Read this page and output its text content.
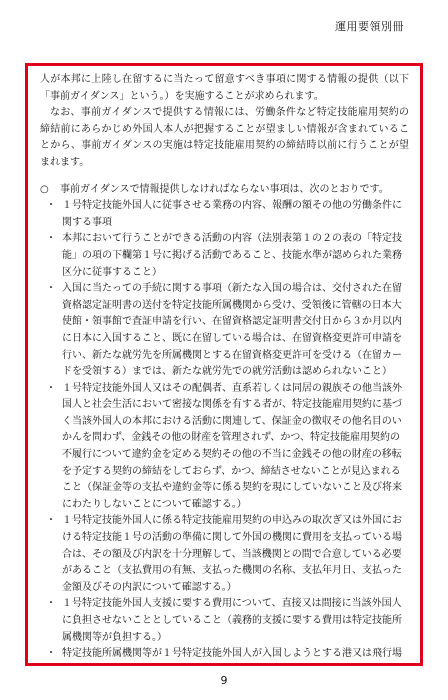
運用要領別冊

人が本邦に上陸し在留するに当たって留意すべき事項に関する情報の提供（以下「事前ガイダンス」という。）を実施することが求められます。

なお、事前ガイダンスで提供する情報には、労働条件など特定技能雇用契約の締結前にあらかじめ外国人本人が把握することが望ましい情報が含まれていることから、事前ガイダンスの実施は特定技能雇用契約の締結時以前に行うことが望まれます。

○	事前ガイダンスで情報提供しなければならない事項は、次のとおりです。
・ １号特定技能外国人に従事させる業務の内容、報酬の額その他の労働条件に関する事項
・ 本邦において行うことができる活動の内容（法別表第１の２の表の「特定技能」の項の下欄第１号に掲げる活動であること、技能水準が認められた業務区分に従事すること）
・ 入国に当たっての手続に関する事項（新たな入国の場合は、交付された在留資格認定証明書の送付を特定技能所属機関から受け、受領後に管轄の日本大使館・領事館で査証申請を行い、在留資格認定証明書交付日から３か月以内に日本に入国すること、既に在留している場合は、在留資格変更許可申請を行い、新たな就労先を所属機関とする在留資格変更許可を受ける（在留カードを受領する）までは、新たな就労先での就労活動は認められないこと）
・ １号特定技能外国人又はその配偶者、直系若しくは同居の親族その他当該外国人と社会生活において密接な関係を有する者が、特定技能雇用契約に基づく当該外国人の本邦における活動に関連して、保証金の徴収その他名目のいかんを問わず、金銭その他の財産を管理されず、かつ、特定技能雇用契約の不履行について違約金を定める契約その他の不当に金銭その他の財産の移転を予定する契約の締結をしておらず、かつ、締結させないことが見込まれること（保証金等の支払や違約金等に係る契約を現にしていないこと及び将来にわたりしないことについて確認する。）
・ １号特定技能外国人に係る特定技能雇用契約の申込みの取次ぎ又は外国における特定技能１号の活動の準備に関して外国の機関に費用を支払っている場合は、その額及び内訳を十分理解して、当該機関との間で合意している必要があること（支払費用の有無、支払った機関の名称、支払年月日、支払った金額及びその内訳について確認する。）
・ １号特定技能外国人支援に要する費用について、直接又は間接に当該外国人に負担させないこととしていること（義務的支援に要する費用は特定技能所属機関等が負担する。）
・ 特定技能所属機関等が１号特定技能外国人が入国しようとする港又は飛行場
9
